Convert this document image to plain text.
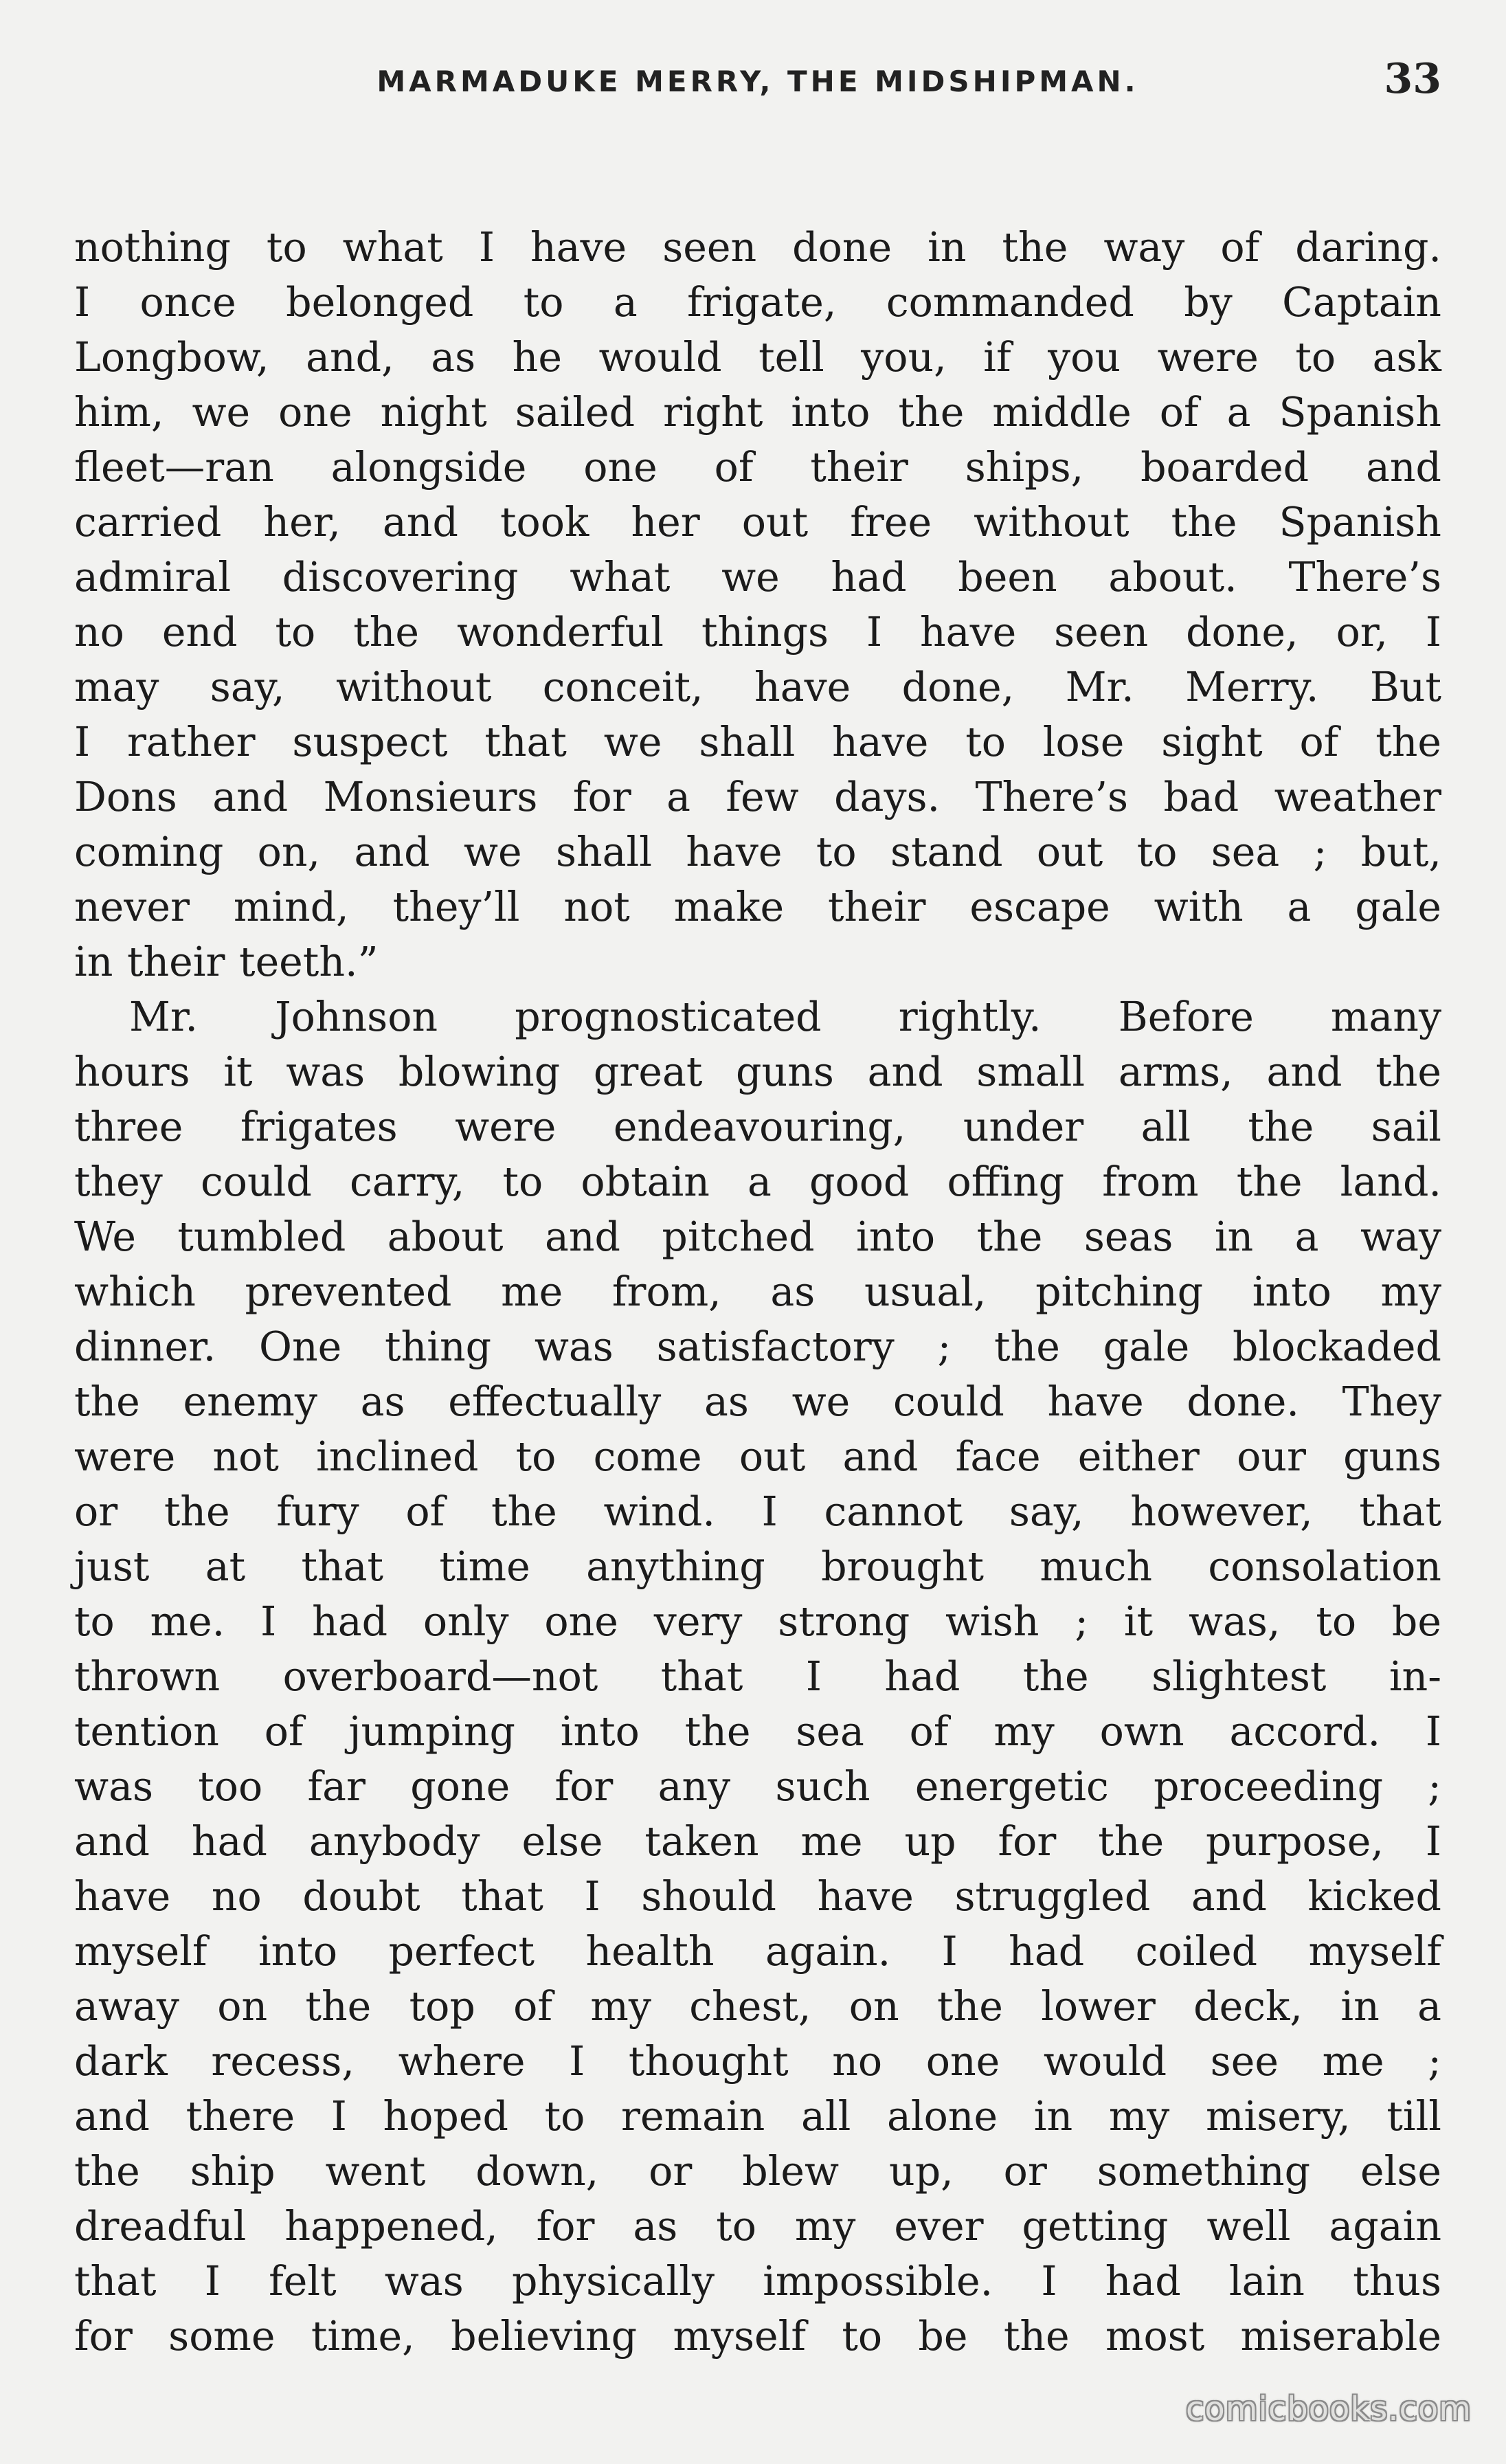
MARMADUKE MERRY, THE MIDSHIPMAN.	33
nothing to what I have seen done in the way of daring.
I once belonged to a frigate, commanded by Captain
Longbow, and, as he would tell you, if you were to ask
him, we one night sailed right into the middle of a Spanish
fleet—ran alongside one of their ships, boarded and
carried her, and took her out free without the Spanish
admiral discovering what we had been about. There’s
no end to the wonderful things I have seen done, or, I
may say, without conceit, have done, Mr. Merry. But
I rather suspect that we shall have to lose sight of the
Dons and Monsieurs for a few days. There’s bad weather
coming on, and we shall have to stand out to sea ; but,
never mind, they’ll not make their escape with a gale
in their teeth.”
Mr. Johnson prognosticated rightly. Before many
hours it was blowing great guns and small arms, and the
three frigates were endeavouring, under all the sail
they could carry, to obtain a good offing from the land.
We tumbled about and pitched into the seas in a way
which prevented me from, as usual, pitching into my
dinner. One thing was satisfactory ; the gale blockaded
the enemy as effectually as we could have done. They
were not inclined to come out and face either our guns
or the fury of the wind. I cannot say, however, that
just at that time anything brought much consolation
to me. I had only one very strong wish ; it was, to be
thrown overboard—not that I had the slightest in-
tention of jumping into the sea of my own accord. I
was too far gone for any such energetic proceeding ;
and had anybody else taken me up for the purpose, I
have no doubt that I should have struggled and kicked
myself into perfect health again. I had coiled myself
away on the top of my chest, on the lower deck, in a
dark recess, where I thought no one would see me ;
and there I hoped to remain all alone in my misery, till
the ship went down, or blew up, or something else
dreadful happened, for as to my ever getting well again
that I felt was physically impossible. I had lain thus
for some time, believing myself to be the most miserable
comicbooks.com
